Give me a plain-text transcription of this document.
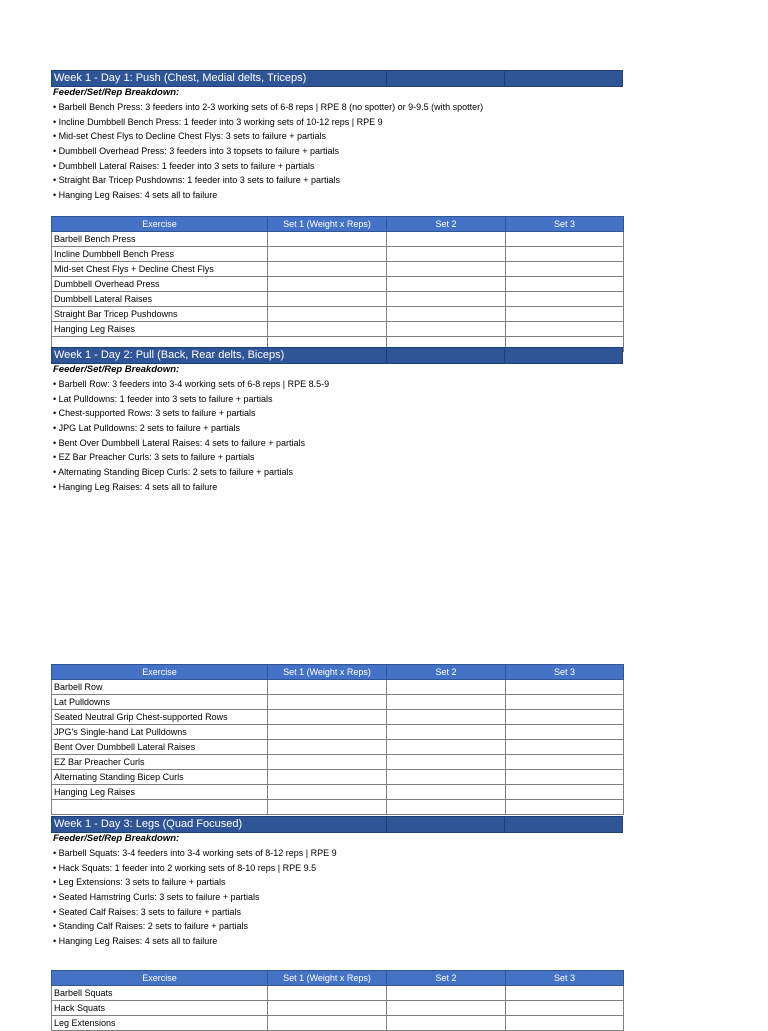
Week 1 - Day 1: Push (Chest, Medial delts, Triceps)
Feeder/Set/Rep Breakdown:
• Barbell Bench Press: 3 feeders into 2-3 working sets of 6-8 reps | RPE 8 (no spotter) or 9-9.5 (with spotter)
• Incline Dumbbell Bench Press: 1 feeder into 3 working sets of 10-12 reps | RPE 9
• Mid-set Chest Flys to Decline Chest Flys: 3 sets to failure + partials
• Dumbbell Overhead Press: 3 feeders into 3 topsets to failure + partials
• Dumbbell Lateral Raises: 1 feeder into 3 sets to failure + partials
• Straight Bar Tricep Pushdowns: 1 feeder into 3 sets to failure + partials
• Hanging Leg Raises: 4 sets all to failure
Exercise	Set 1 (Weight x Reps)	Set 2	Set 3
Barbell Bench Press			
Incline Dumbbell Bench Press			
Mid-set Chest Flys + Decline Chest Flys			
Dumbbell Overhead Press			
Dumbbell Lateral Raises			
Straight Bar Tricep Pushdowns			
Hanging Leg Raises			

Week 1 - Day 2: Pull (Back, Rear delts, Biceps)
Feeder/Set/Rep Breakdown:
• Barbell Row: 3 feeders into 3-4 working sets of 6-8 reps | RPE 8.5-9
• Lat Pulldowns: 1 feeder into 3 sets to failure + partials
• Chest-supported Rows: 3 sets to failure + partials
• JPG Lat Pulldowns: 2 sets to failure + partials
• Bent Over Dumbbell Lateral Raises: 4 sets to failure + partials
• EZ Bar Preacher Curls: 3 sets to failure + partials
• Alternating Standing Bicep Curls: 2 sets to failure + partials
• Hanging Leg Raises: 4 sets all to failure
Exercise	Set 1 (Weight x Reps)	Set 2	Set 3
Barbell Row			
Lat Pulldowns			
Seated Neutral Grip Chest-supported Rows			
JPG's Single-hand Lat Pulldowns			
Bent Over Dumbbell Lateral Raises			
EZ Bar Preacher Curls			
Alternating Standing Bicep Curls			
Hanging Leg Raises			

Week 1 - Day 3: Legs (Quad Focused)
Feeder/Set/Rep Breakdown:
• Barbell Squats: 3-4 feeders into 3-4 working sets of 8-12 reps | RPE 9
• Hack Squats: 1 feeder into 2 working sets of 8-10 reps | RPE 9.5
• Leg Extensions: 3 sets to failure + partials
• Seated Hamstring Curls: 3 sets to failure + partials
• Seated Calf Raises: 3 sets to failure + partials
• Standing Calf Raises: 2 sets to failure + partials
• Hanging Leg Raises: 4 sets all to failure
Exercise	Set 1 (Weight x Reps)	Set 2	Set 3
Barbell Squats			
Hack Squats			
Leg Extensions			
